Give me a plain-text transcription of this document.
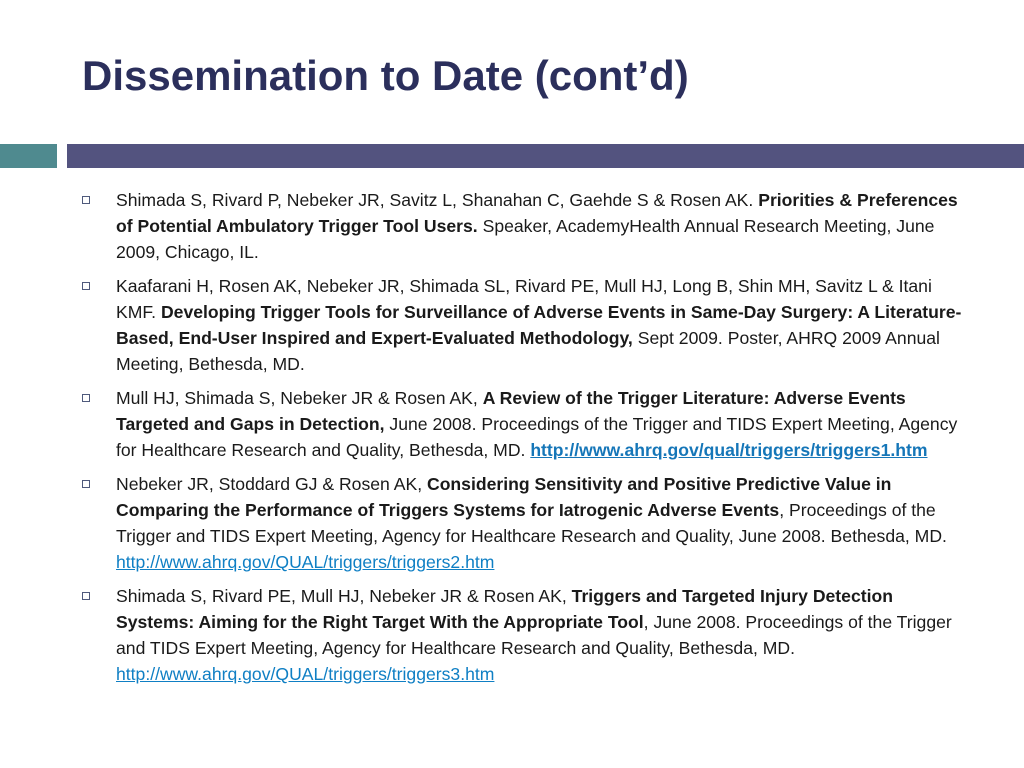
Dissemination to Date (cont’d)
Shimada S, Rivard P, Nebeker JR, Savitz L, Shanahan C, Gaehde S & Rosen AK. Priorities & Preferences of Potential Ambulatory Trigger Tool Users. Speaker, AcademyHealth Annual Research Meeting, June 2009, Chicago, IL.
Kaafarani H, Rosen AK, Nebeker JR, Shimada SL, Rivard PE, Mull HJ, Long B, Shin MH, Savitz L & Itani KMF. Developing Trigger Tools for Surveillance of Adverse Events in Same-Day Surgery: A Literature-Based, End-User Inspired and Expert-Evaluated Methodology, Sept 2009. Poster, AHRQ 2009 Annual Meeting, Bethesda, MD.
Mull HJ, Shimada S, Nebeker JR & Rosen AK, A Review of the Trigger Literature: Adverse Events Targeted and Gaps in Detection, June 2008. Proceedings of the Trigger and TIDS Expert Meeting, Agency for Healthcare Research and Quality, Bethesda, MD. http://www.ahrq.gov/qual/triggers/triggers1.htm
Nebeker JR, Stoddard GJ & Rosen AK, Considering Sensitivity and Positive Predictive Value in Comparing the Performance of Triggers Systems for Iatrogenic Adverse Events, Proceedings of the Trigger and TIDS Expert Meeting, Agency for Healthcare Research and Quality, June 2008. Bethesda, MD.
http://www.ahrq.gov/QUAL/triggers/triggers2.htm
Shimada S, Rivard PE, Mull HJ, Nebeker JR & Rosen AK, Triggers and Targeted Injury Detection Systems: Aiming for the Right Target With the Appropriate Tool, June 2008. Proceedings of the Trigger and TIDS Expert Meeting, Agency for Healthcare Research and Quality, Bethesda, MD. http://www.ahrq.gov/QUAL/triggers/triggers3.htm
